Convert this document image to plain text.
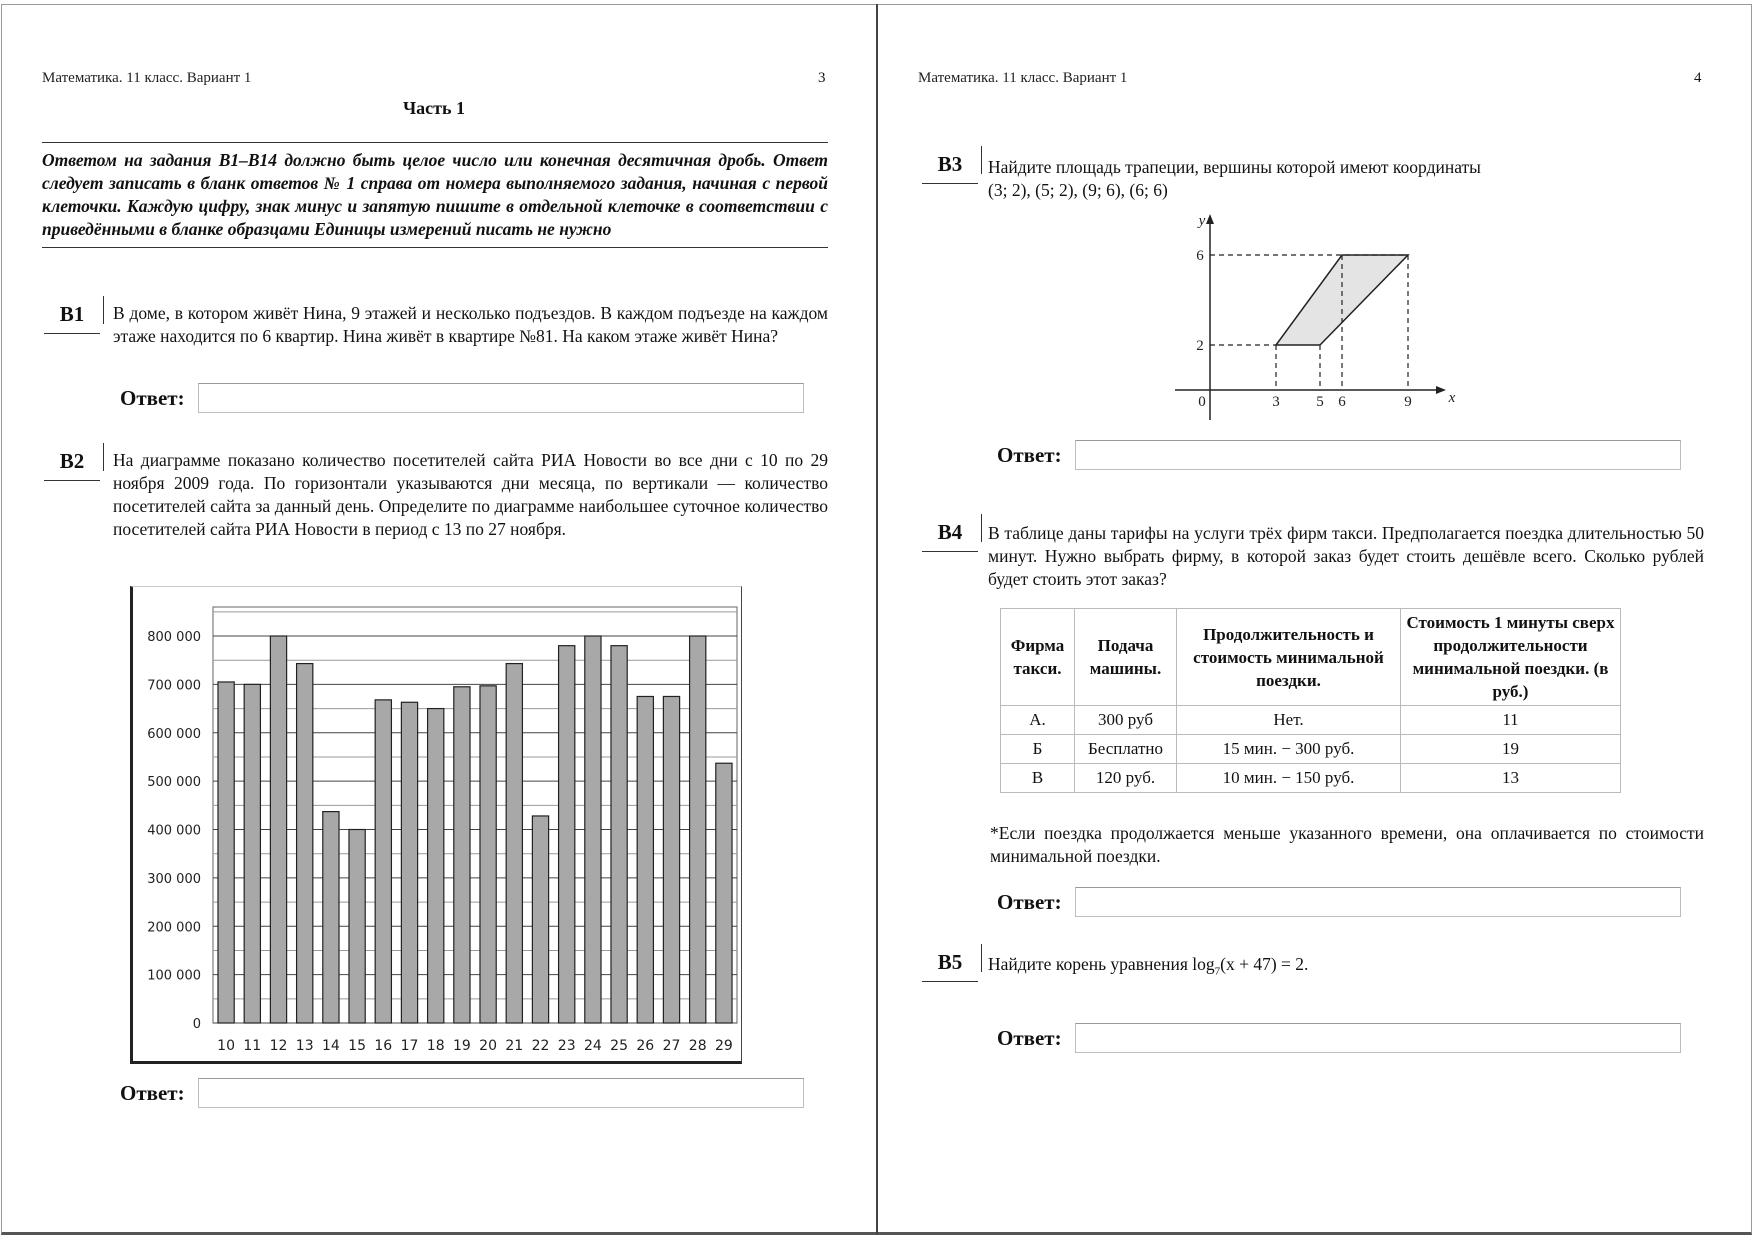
Математика. 11 класс. Вариант 1	3
Часть 1
Ответом на задания B1–B14 должно быть целое число или конечная десятичная дробь. Ответ следует записать в бланк ответов № 1 справа от номера выполняемого задания, начиная с первой клеточки. Каждую цифру, знак минус и запятую пишите в отдельной клеточке в соответствии с приведёнными в бланке образцами Единицы измерений писать не нужно
B1	В доме, в котором живёт Нина, 9 этажей и несколько подъездов. В каждом подъезде на каждом этаже находится по 6 квартир. Нина живёт в квартире №81. На каком этаже живёт Нина?
Ответ:
B2	На диаграмме показано количество посетителей сайта РИА Новости во все дни с 10 по 29 ноября 2009 года. По горизонтали указываются дни месяца, по вертикали — количество посетителей сайта за данный день. Определите по диаграмме наибольшее суточное количество посетителей сайта РИА Новости в период с 13 по 27 ноября.
0
100 000
200 000
300 000
400 000
500 000
600 000
700 000
800 000
10 11 12 13 14 15 16 17 18 19 20 21 22 23 24 25 26 27 28 29
Ответ:
Математика. 11 класс. Вариант 1	4
B3	Найдите площадь трапеции, вершины которой имеют координаты
(3; 2), (5; 2), (9; 6), (6; 6)
y
x
0	3 5 6	9
2
6
Ответ:
B4	В таблице даны тарифы на услуги трёх фирм такси. Предполагается поездка длительностью 50 минут. Нужно выбрать фирму, в которой заказ будет стоить дешёвле всего. Сколько рублей будет стоить этот заказ?
Фирма такси.	Подача машины.	Продолжительность и стоимость минимальной поездки.	Стоимость 1 минуты сверх продолжительности минимальной поездки. (в руб.)
А.	300 руб	Нет.	11
Б	Бесплатно	15 мин. − 300 руб.	19
В	120 руб.	10 мин. − 150 руб.	13
*Если поездка продолжается меньше указанного времени, она оплачивается по стоимости минимальной поездки.
Ответ:
B5	Найдите корень уравнения $\log_7(x + 47) = 2$.
Ответ:
